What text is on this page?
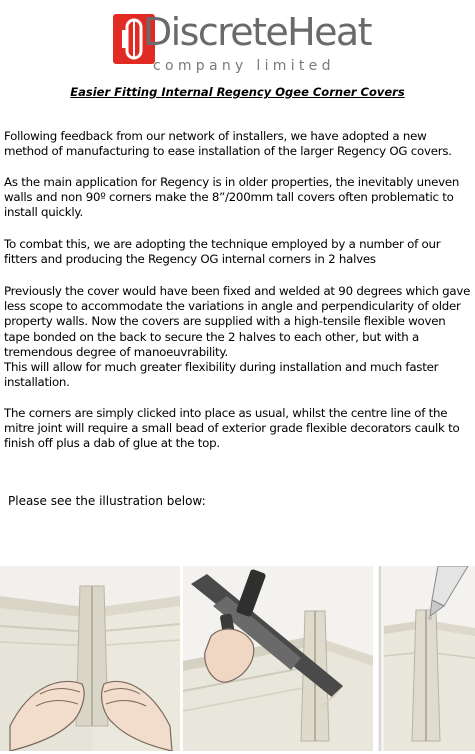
DiscreteHeat
company limited
Easier Fitting Internal Regency Ogee Corner Covers

Following feedback from our network of installers, we have adopted a new method of manufacturing to ease installation of the larger Regency OG covers.

As the main application for Regency is in older properties, the inevitably uneven walls and non 90º corners make the 8”/200mm tall covers often problematic to install quickly.

To combat this, we are adopting the technique employed by a number of our fitters and producing the Regency OG internal corners in 2 halves

Previously the cover would have been fixed and welded at 90 degrees which gave less scope to accommodate the variations in angle and perpendicularity of older property walls. Now the covers are supplied with a high-tensile flexible woven tape bonded on the back to secure the 2 halves to each other, but with a tremendous degree of manoeuvrability.

This will allow for much greater flexibility during installation and much faster installation.

The corners are simply clicked into place as usual, whilst the centre line of the mitre joint will require a small bead of exterior grade flexible decorators caulk to finish off plus a dab of glue at the top.

Please see the illustration below:
